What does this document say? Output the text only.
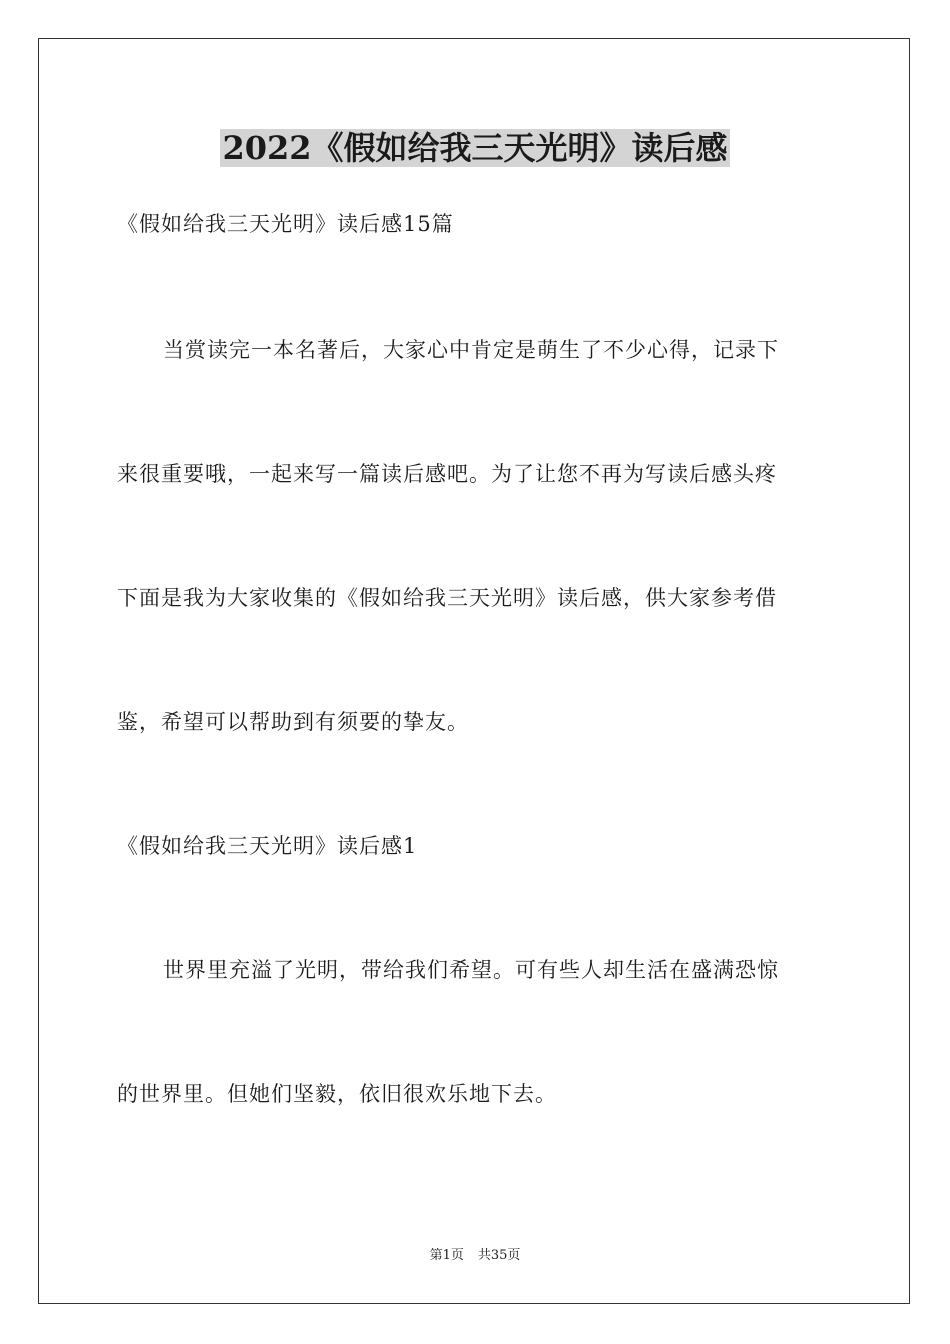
2022《假如给我三天光明》读后感
《假如给我三天光明》读后感15篇
当赏读完一本名著后，大家心中肯定是萌生了不少心得，记录下
来很重要哦，一起来写一篇读后感吧。为了让您不再为写读后感头疼
下面是我为大家收集的《假如给我三天光明》读后感，供大家参考借
鉴，希望可以帮助到有须要的挚友。
《假如给我三天光明》读后感1
世界里充溢了光明，带给我们希望。可有些人却生活在盛满恐惊
的世界里。但她们坚毅，依旧很欢乐地下去。
第1页 共35页
